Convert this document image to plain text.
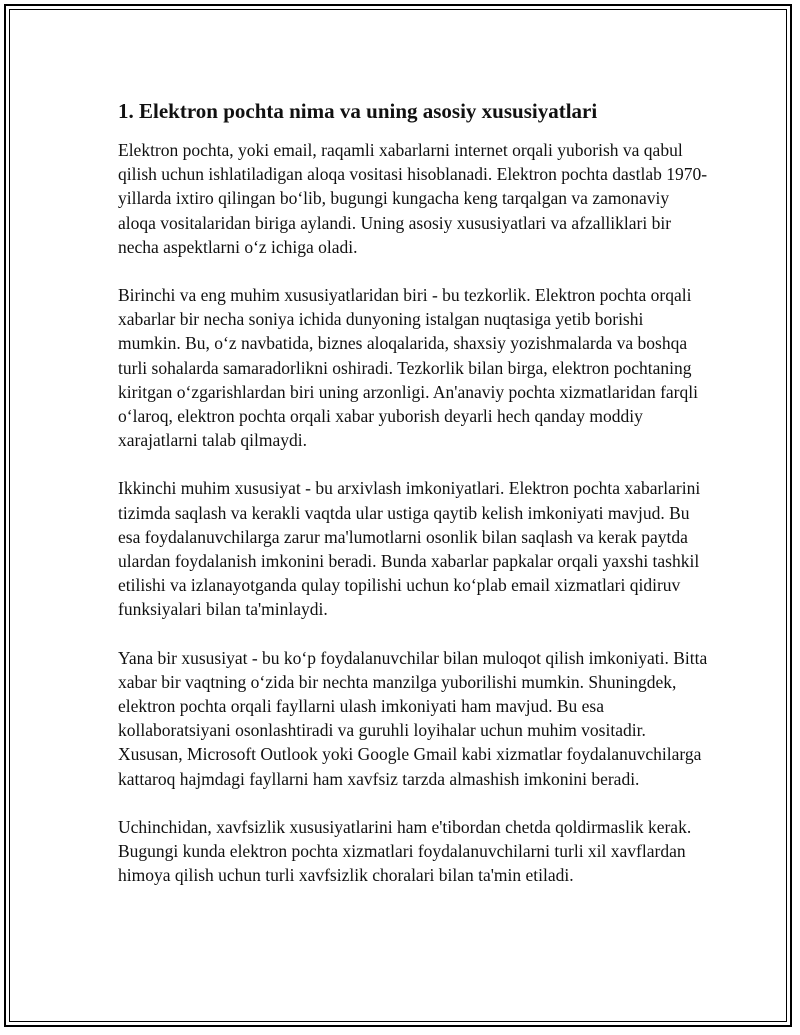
1. Elektron pochta nima va uning asosiy xususiyatlari

Elektron pochta, yoki email, raqamli xabarlarni internet orqali yuborish va qabul qilish uchun ishlatiladigan aloqa vositasi hisoblanadi. Elektron pochta dastlab 1970-yillarda ixtiro qilingan bo‘lib, bugungi kungacha keng tarqalgan va zamonaviy aloqa vositalaridan biriga aylandi. Uning asosiy xususiyatlari va afzalliklari bir necha aspektlarni o‘z ichiga oladi.

Birinchi va eng muhim xususiyatlaridan biri - bu tezkorlik. Elektron pochta orqali xabarlar bir necha soniya ichida dunyoning istalgan nuqtasiga yetib borishi mumkin. Bu, o‘z navbatida, biznes aloqalarida, shaxsiy yozishmalarda va boshqa turli sohalarda samaradorlikni oshiradi. Tezkorlik bilan birga, elektron pochtaning kiritgan o‘zgarishlardan biri uning arzonligi. An'anaviy pochta xizmatlaridan farqli o‘laroq, elektron pochta orqali xabar yuborish deyarli hech qanday moddiy xarajatlarni talab qilmaydi.

Ikkinchi muhim xususiyat - bu arxivlash imkoniyatlari. Elektron pochta xabarlarini tizimda saqlash va kerakli vaqtda ular ustiga qaytib kelish imkoniyati mavjud. Bu esa foydalanuvchilarga zarur ma'lumotlarni osonlik bilan saqlash va kerak paytda ulardan foydalanish imkonini beradi. Bunda xabarlar papkalar orqali yaxshi tashkil etilishi va izlanayotganda qulay topilishi uchun ko‘plab email xizmatlari qidiruv funksiyalari bilan ta'minlaydi.

Yana bir xususiyat - bu ko‘p foydalanuvchilar bilan muloqot qilish imkoniyati. Bitta xabar bir vaqtning o‘zida bir nechta manzilga yuborilishi mumkin. Shuningdek, elektron pochta orqali fayllarni ulash imkoniyati ham mavjud. Bu esa kollaboratsiyani osonlashtiradi va guruhli loyihalar uchun muhim vositadir. Xususan, Microsoft Outlook yoki Google Gmail kabi xizmatlar foydalanuvchilarga kattaroq hajmdagi fayllarni ham xavfsiz tarzda almashish imkonini beradi.

Uchinchidan, xavfsizlik xususiyatlarini ham e'tibordan chetda qoldirmaslik kerak. Bugungi kunda elektron pochta xizmatlari foydalanuvchilarni turli xil xavflardan himoya qilish uchun turli xavfsizlik choralari bilan ta'min etiladi.
